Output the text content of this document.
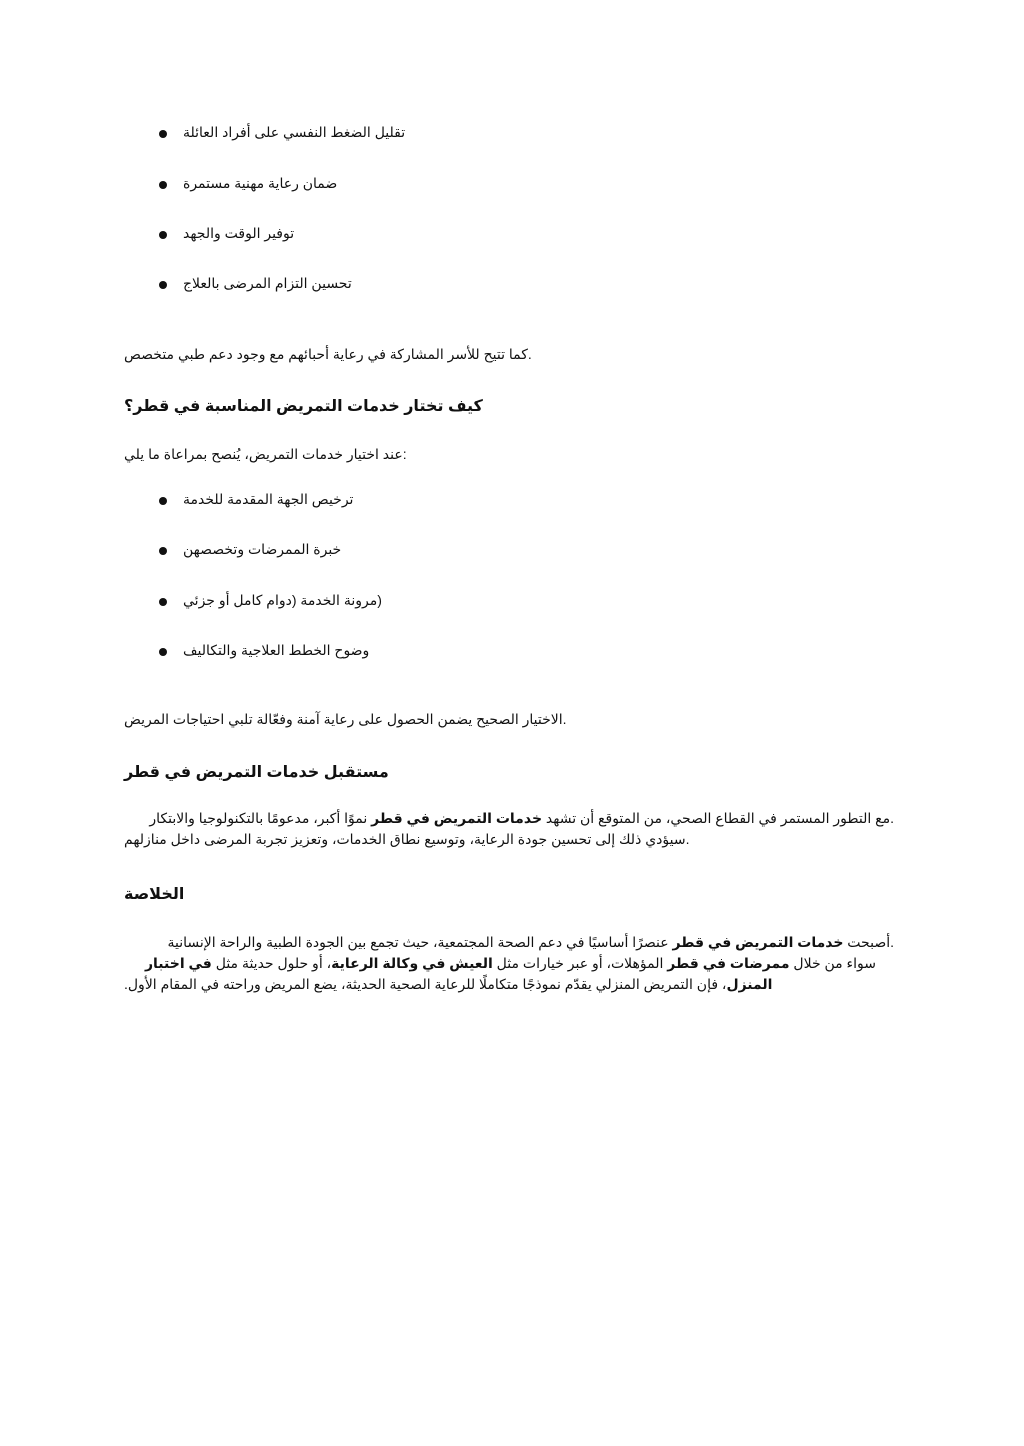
تقليل الضغط النفسي على أفراد العائلة
ضمان رعاية مهنية مستمرة
توفير الوقت والجهد
تحسين التزام المرضى بالعلاج
.كما تتيح للأسر المشاركة في رعاية أحبائهم مع وجود دعم طبي متخصص
كيف تختار خدمات التمريض المناسبة في قطر؟
:عند اختيار خدمات التمريض، يُنصح بمراعاة ما يلي
ترخيص الجهة المقدمة للخدمة
خبرة الممرضات وتخصصهن
(مرونة الخدمة (دوام كامل أو جزئي
وضوح الخطط العلاجية والتكاليف
.الاختيار الصحيح يضمن الحصول على رعاية آمنة وفعّالة تلبي احتياجات المريض
مستقبل خدمات التمريض في قطر
مع التطور المستمر في القطاع الصحي، من المتوقع أن تشهد خدمات التمريض في قطر نموًا أكبر، مدعومًا بالتكنولوجيا والابتكار.
.سيؤدي ذلك إلى تحسين جودة الرعاية، وتوسيع نطاق الخدمات، وتعزيز تجربة المرضى داخل منازلهم
الخلاصة
أصبحت خدمات التمريض في قطر عنصرًا أساسيًا في دعم الصحة المجتمعية، حيث تجمع بين الجودة الطبية والراحة الإنسانية.
سواء من خلال ممرضات في قطر المؤهلات، أو عبر خيارات مثل العيش في وكالة الرعاية، أو حلول حديثة مثل في اختبار
المنزل، فإن التمريض المنزلي يقدّم نموذجًا متكاملًا للرعاية الصحية الحديثة، يضع المريض وراحته في المقام الأول.
